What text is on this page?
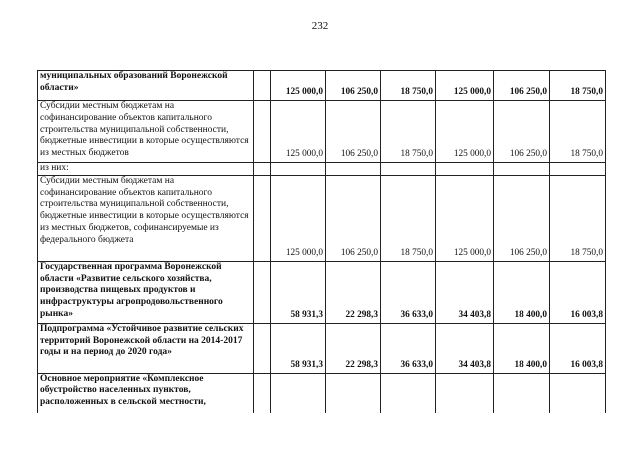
232
муниципальных образований Воронежской области»		125 000,0	106 250,0	18 750,0	125 000,0	106 250,0	18 750,0
Субсидии местным бюджетам на софинансирование объектов капитального строительства муниципальной собственности, бюджетные инвестиции в которые осуществляются из местных бюджетов		125 000,0	106 250,0	18 750,0	125 000,0	106 250,0	18 750,0
из них:							
Субсидии местным бюджетам на софинансирование объектов капитального строительства муниципальной собственности, бюджетные инвестиции в которые осуществляются из местных бюджетов, софинансируемые из федерального бюджета		125 000,0	106 250,0	18 750,0	125 000,0	106 250,0	18 750,0
Государственная программа Воронежской области «Развитие сельского хозяйства, производства пищевых продуктов и инфраструктуры агропродовольственного рынка»		58 931,3	22 298,3	36 633,0	34 403,8	18 400,0	16 003,8
Подпрограмма «Устойчивое развитие сельских территорий Воронежской области на 2014-2017 годы и на период до 2020 года»		58 931,3	22 298,3	36 633,0	34 403,8	18 400,0	16 003,8
Основное мероприятие «Комплексное обустройство населенных пунктов, расположенных в сельской местности,							
